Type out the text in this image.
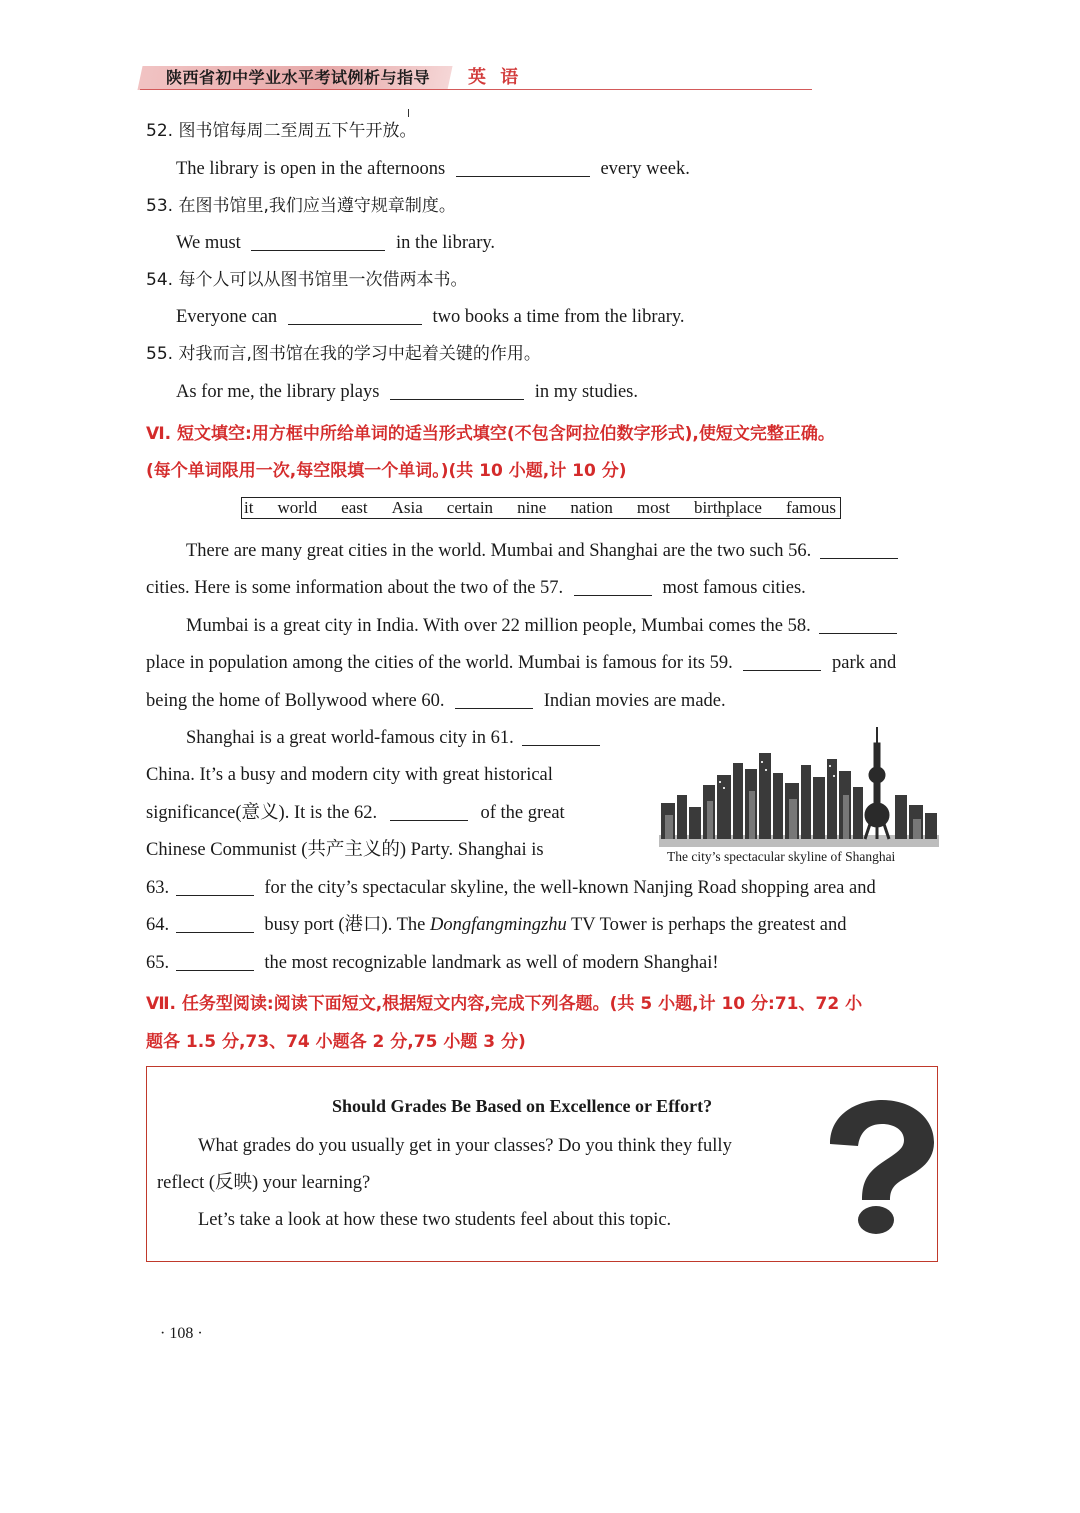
陕西省初中学业水平考试例析与指导 英 语
52. 图书馆每周二至周五下午开放。
The library is open in the afternoons	every week.
53. 在图书馆里,我们应当遵守规章制度。
We must	in the library.
54. 每个人可以从图书馆里一次借两本书。
Everyone can	two books a time from the library.
55. 对我而言,图书馆在我的学习中起着关键的作用。
As for me, the library plays	in my studies.
Ⅵ. 短文填空:用方框中所给单词的适当形式填空(不包含阿拉伯数字形式),使短文完整正确。
(每个单词限用一次,每空限填一个单词。)(共 10 小题,计 10 分)
it world east Asia certain nine nation most birthplace famous
There are many great cities in the world. Mumbai and Shanghai are the two such 56.
cities. Here is some information about the two of the 57.	most famous cities.
Mumbai is a great city in India. With over 22 million people, Mumbai comes the 58.
place in population among the cities of the world. Mumbai is famous for its 59.	park and
being the home of Bollywood where 60.	Indian movies are made.
Shanghai is a great world-famous city in 61.
China. It’s a busy and modern city with great historical
significance(意义). It is the 62.	of the great
Chinese Communist (共产主义的) Party. Shanghai is	The city’s spectacular skyline of Shanghai
63.	for the city’s spectacular skyline, the well-known Nanjing Road shopping area and
64.	busy port (港口). The Dongfangmingzhu TV Tower is perhaps the greatest and
65.	the most recognizable landmark as well of modern Shanghai!
Ⅶ. 任务型阅读:阅读下面短文,根据短文内容,完成下列各题。(共 5 小题,计 10 分:71、72 小
题各 1.5 分,73、74 小题各 2 分,75 小题 3 分)
Should Grades Be Based on Excellence or Effort?
What grades do you usually get in your classes? Do you think they fully
reflect (反映) your learning?
Let’s take a look at how these two students feel about this topic.
· 108 ·
